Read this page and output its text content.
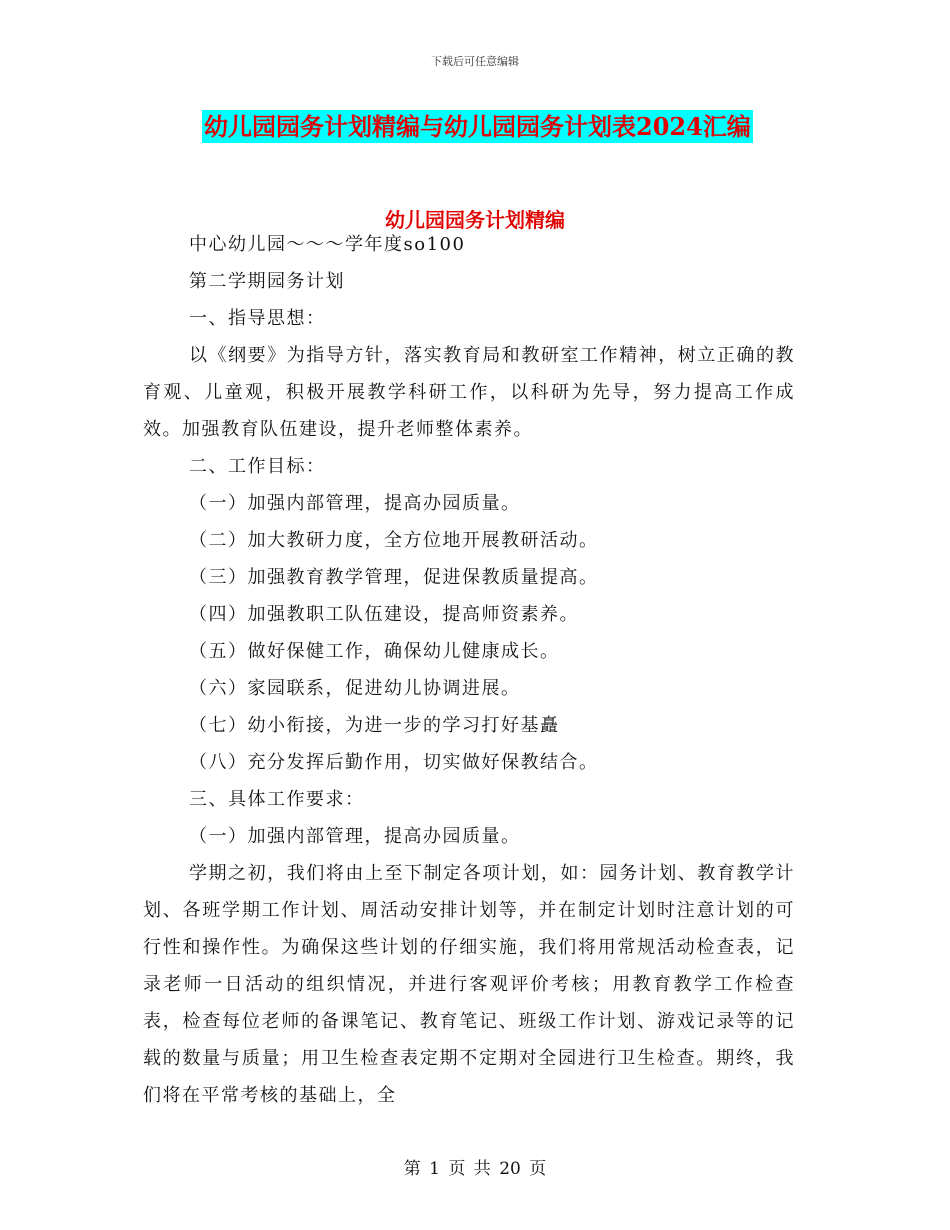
下载后可任意编辑
幼儿园园务计划精编与幼儿园园务计划表2024汇编
幼儿园园务计划精编

中心幼儿园～～～学年度so100

第二学期园务计划

一、指导思想：

以《纲要》为指导方针，落实教育局和教研室工作精神，树立正确的教育观、儿童观，积极开展教学科研工作，以科研为先导，努力提高工作成效。加强教育队伍建设，提升老师整体素养。

二、工作目标：

（一）加强内部管理，提高办园质量。

（二）加大教研力度，全方位地开展教研活动。

（三）加强教育教学管理，促进保教质量提高。

（四）加强教职工队伍建设，提高师资素养。

（五）做好保健工作，确保幼儿健康成长。

（六）家园联系，促进幼儿协调进展。

（七）幼小衔接，为进一步的学习打好基矗

（八）充分发挥后勤作用，切实做好保教结合。

三、具体工作要求：

（一）加强内部管理，提高办园质量。

学期之初，我们将由上至下制定各项计划，如：园务计划、教育教学计划、各班学期工作计划、周活动安排计划等，并在制定计划时注意计划的可行性和操作性。为确保这些计划的仔细实施，我们将用常规活动检查表，记录老师一日活动的组织情况，并进行客观评价考核；用教育教学工作检查表，检查每位老师的备课笔记、教育笔记、班级工作计划、游戏记录等的记载的数量与质量；用卫生检查表定期不定期对全园进行卫生检查。期终，我们将在平常考核的基础上，全

第 1 页 共 20 页
